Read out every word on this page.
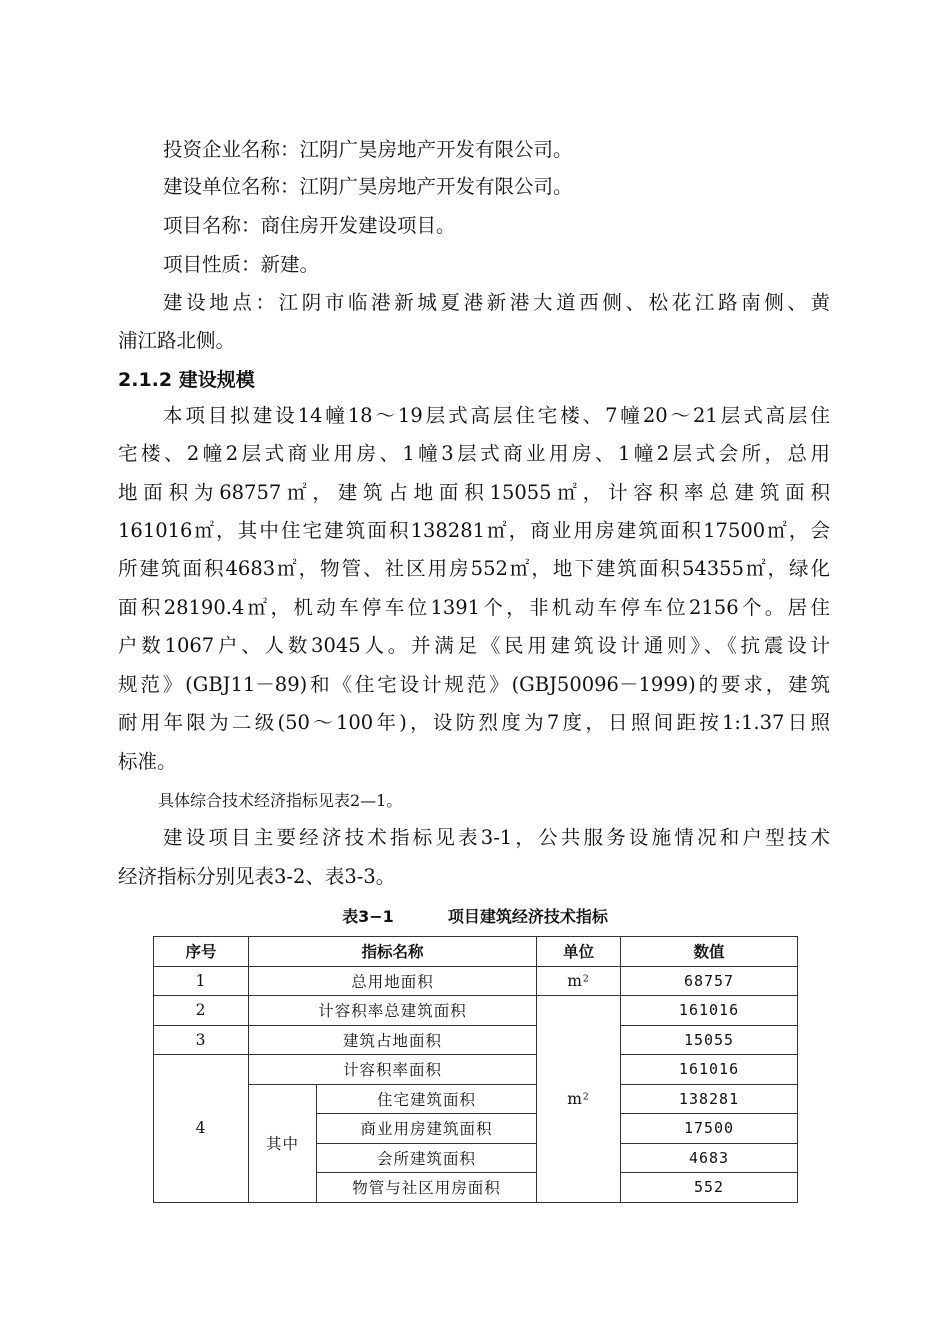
投资企业名称：江阴广昊房地产开发有限公司。
建设单位名称：江阴广昊房地产开发有限公司。
项目名称：商住房开发建设项目。
项目性质：新建。
建设地点：江阴市临港新城夏港新港大道西侧、松花江路南侧、黄
浦江路北侧。
2.1.2 建设规模
本项目拟建设14幢18～19层式高层住宅楼、7幢20～21层式高层住
宅楼、2幢2层式商业用房、1幢3层式商业用房、1幢2层式会所，总用
地面积为68757㎡，建筑占地面积15055㎡，计容积率总建筑面积
161016㎡，其中住宅建筑面积138281㎡，商业用房建筑面积17500㎡，会
所建筑面积4683㎡，物管、社区用房552㎡，地下建筑面积54355㎡，绿化
面积28190.4㎡，机动车停车位1391个，非机动车停车位2156个。居住
户数1067户、人数3045人。并满足《民用建筑设计通则》、《抗震设计
规范》(GBJ11－89)和《住宅设计规范》(GBJ50096－1999)的要求，建筑
耐用年限为二级(50～100年)，设防烈度为7度，日照间距按1:1.37日照
标准。
具体综合技术经济指标见表2—1。
建设项目主要经济技术指标见表3-1，公共服务设施情况和户型技术
经济指标分别见表3-2、表3-3。
表3−1	项目建筑经济技术指标
序号	指标名称		单位	数值
1	总用地面积		$m^2$	68757
2	计容积率总建筑面积		$m^2$	161016
3	建筑占地面积			15055
4	计容积率面积			161016
	其中	住宅建筑面积		138281
		商业用房建筑面积		17500
		会所建筑面积		4683
		物管与社区用房面积		552
